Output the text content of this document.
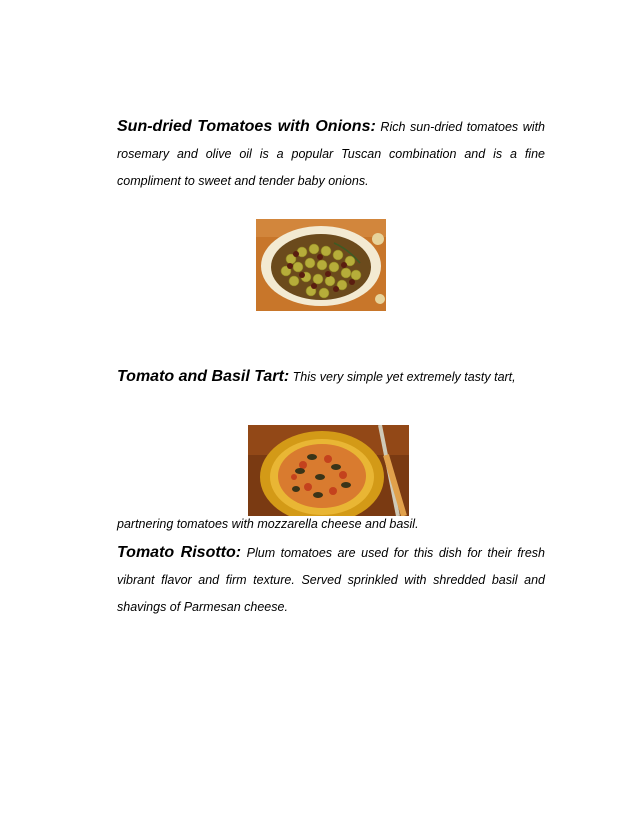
Sun-dried Tomatoes with Onions: Rich sun-dried tomatoes with rosemary and olive oil is a popular Tuscan combination and is a fine compliment to sweet and tender baby onions.

Tomato and Basil Tart: This very simple yet extremely tasty tart,

partnering tomatoes with mozzarella cheese and basil.

Tomato Risotto: Plum tomatoes are used for this dish for their fresh vibrant flavor and firm texture. Served sprinkled with shredded basil and shavings of Parmesan cheese.
